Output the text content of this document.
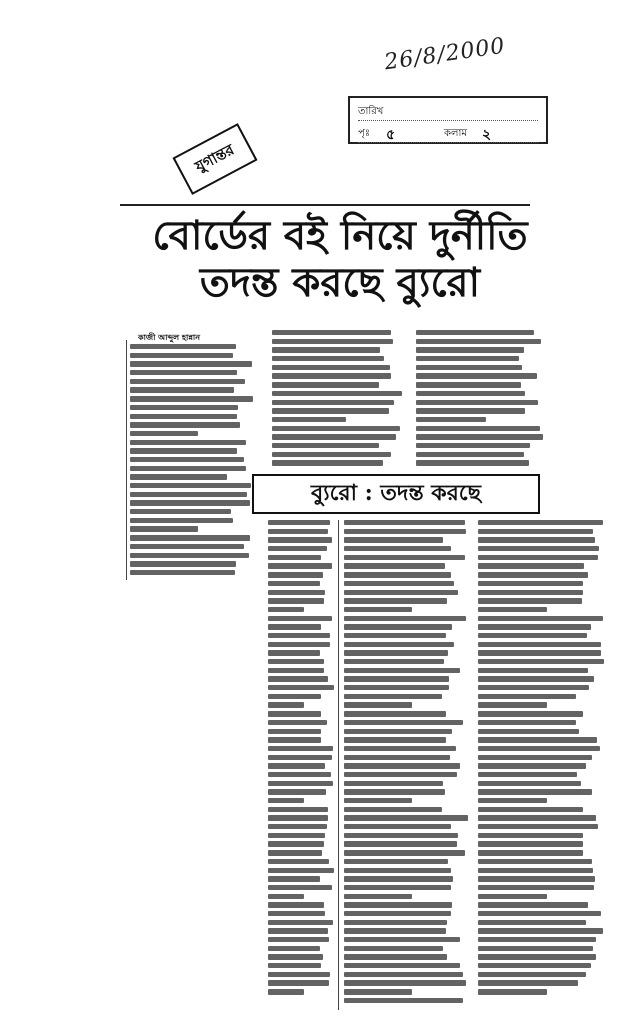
26/8/2000
তারিখ
পৃঃ ৫	কলাম ২
যুগান্তর
বোর্ডের বই নিয়ে দুর্নীতি
তদন্ত করছে ব্যুরো
কাজী আব্দুল হান্নান
ব্যুরো : তদন্ত করছে
